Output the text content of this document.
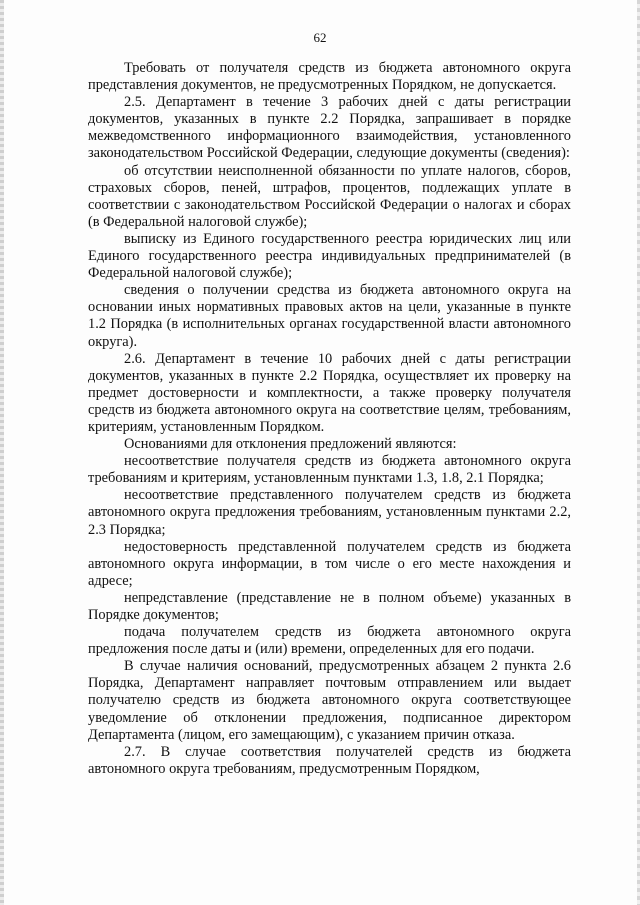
62

Требовать от получателя средств из бюджета автономного округа представления документов, не предусмотренных Порядком, не допускается.

2.5. Департамент в течение 3 рабочих дней с даты регистрации документов, указанных в пункте 2.2 Порядка, запрашивает в порядке межведомственного информационного взаимодействия, установленного законодательством Российской Федерации, следующие документы (сведения):

об отсутствии неисполненной обязанности по уплате налогов, сборов, страховых сборов, пеней, штрафов, процентов, подлежащих уплате в соответствии с законодательством Российской Федерации о налогах и сборах (в Федеральной налоговой службе);

выписку из Единого государственного реестра юридических лиц или Единого государственного реестра индивидуальных предпринимателей (в Федеральной налоговой службе);

сведения о получении средства из бюджета автономного округа на основании иных нормативных правовых актов на цели, указанные в пункте 1.2 Порядка (в исполнительных органах государственной власти автономного округа).

2.6. Департамент в течение 10 рабочих дней с даты регистрации документов, указанных в пункте 2.2 Порядка, осуществляет их проверку на предмет достоверности и комплектности, а также проверку получателя средств из бюджета автономного округа на соответствие целям, требованиям, критериям, установленным Порядком.

Основаниями для отклонения предложений являются:

несоответствие получателя средств из бюджета автономного округа требованиям и критериям, установленным пунктами 1.3, 1.8, 2.1 Порядка;

несоответствие представленного получателем средств из бюджета автономного округа предложения требованиям, установленным пунктами 2.2, 2.3 Порядка;

недостоверность представленной получателем средств из бюджета автономного округа информации, в том числе о его месте нахождения и адресе;

непредставление (представление не в полном объеме) указанных в Порядке документов;

подача получателем средств из бюджета автономного округа предложения после даты и (или) времени, определенных для его подачи.

В случае наличия оснований, предусмотренных абзацем 2 пункта 2.6 Порядка, Департамент направляет почтовым отправлением или выдает получателю средств из бюджета автономного округа соответствующее уведомление об отклонении предложения, подписанное директором Департамента (лицом, его замещающим), с указанием причин отказа.

2.7. В случае соответствия получателей средств из бюджета автономного округа требованиям, предусмотренным Порядком,
